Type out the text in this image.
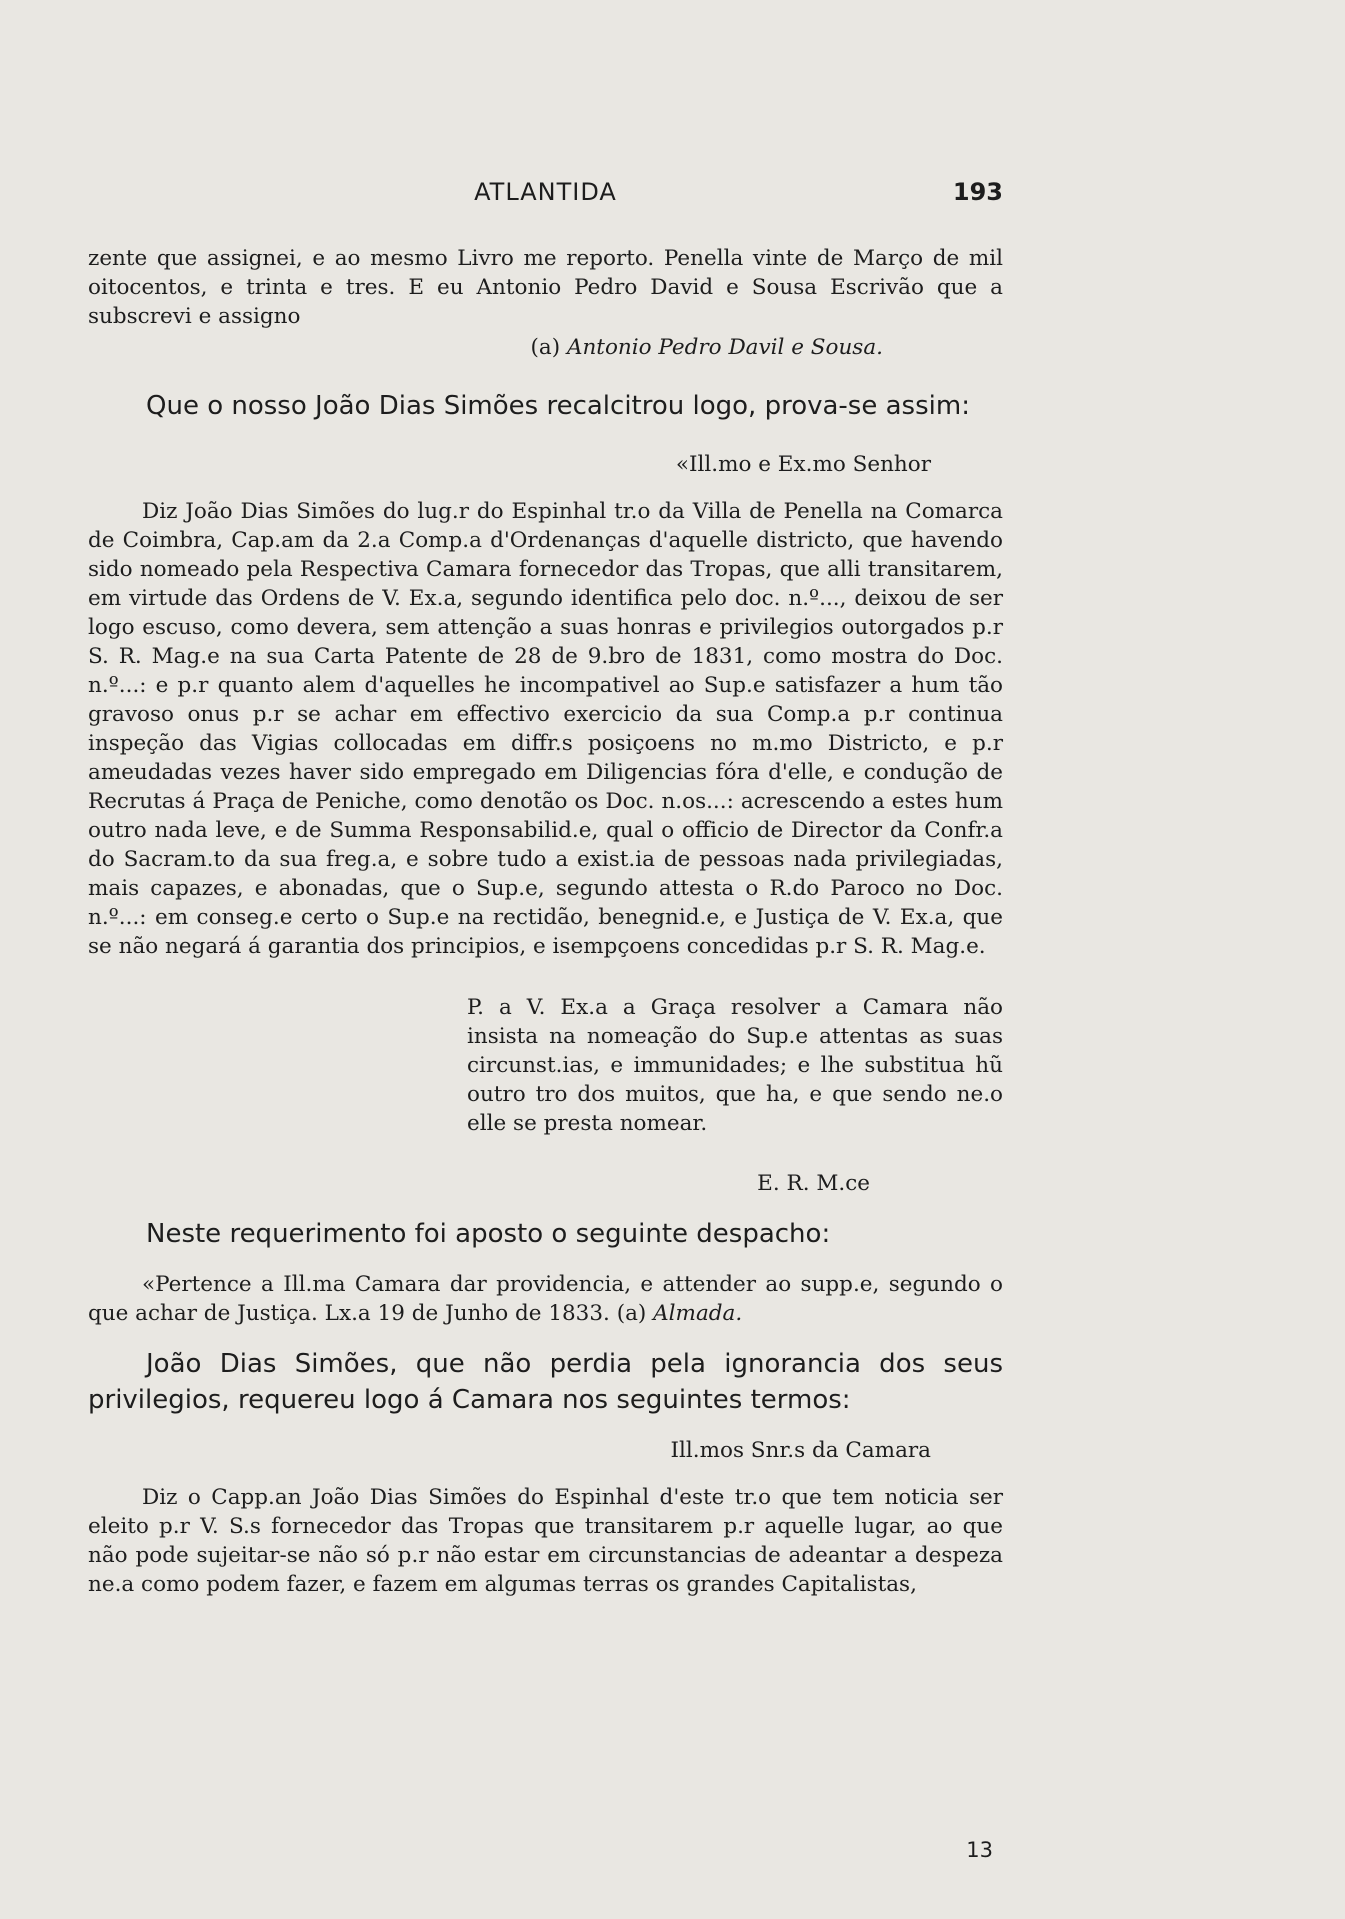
ATLANTIDA	193

zente que assignei, e ao mesmo Livro me reporto. Penella vinte de Março de mil oitocentos, e trinta e tres. E eu Antonio Pedro David e Sousa Escrivão que a subscrevi e assigno

(a) Antonio Pedro Davil e Sousa.

Que o nosso João Dias Simões recalcitrou logo, prova-se assim:

«Ill.mo e Ex.mo Senhor

Diz João Dias Simões do lug.r do Espinhal tr.o da Villa de Penella na Comarca de Coimbra, Cap.am da 2.a Comp.a d'Ordenanças d'aquelle districto, que havendo sido nomeado pela Respectiva Camara fornecedor das Tropas, que alli transitarem, em virtude das Ordens de V. Ex.a, segundo identifica pelo doc. n.º..., deixou de ser logo escuso, como devera, sem attenção a suas honras e privilegios outorgados p.r S. R. Mag.e na sua Carta Patente de 28 de 9.bro de 1831, como mostra do Doc. n.º...: e p.r quanto alem d'aquelles he incompativel ao Sup.e satisfazer a hum tão gravoso onus p.r se achar em effectivo exercicio da sua Comp.a p.r continua inspeção das Vigias collocadas em diffr.s posiçoens no m.mo Districto, e p.r ameudadas vezes haver sido empregado em Diligencias fóra d'elle, e condução de Recrutas á Praça de Peniche, como denotão os Doc. n.os...: acrescendo a estes hum outro nada leve, e de Summa Responsabilid.e, qual o officio de Director da Confr.a do Sacram.to da sua freg.a, e sobre tudo a exist.ia de pessoas nada privilegiadas, mais capazes, e abonadas, que o Sup.e, segundo attesta o R.do Paroco no Doc. n.º...: em conseg.e certo o Sup.e na rectidão, benegnid.e, e Justiça de V. Ex.a, que se não negará á garantia dos principios, e isempçoens concedidas p.r S. R. Mag.e.

P. a V. Ex.a a Graça resolver a Camara não insista na nomeação do Sup.e attentas as suas circunst.ias, e immunidades; e lhe substitua hũ outro tro dos muitos, que ha, e que sendo ne.o elle se presta nomear.

E. R. M.ce

Neste requerimento foi aposto o seguinte despacho:

«Pertence a Ill.ma Camara dar providencia, e attender ao supp.e, segundo o que achar de Justiça. Lx.a 19 de Junho de 1833. (a) Almada.

João Dias Simões, que não perdia pela ignorancia dos seus privilegios, requereu logo á Camara nos seguintes termos:

Ill.mos Snr.s da Camara

Diz o Capp.an João Dias Simões do Espinhal d'este tr.o que tem noticia ser eleito p.r V. S.s fornecedor das Tropas que transitarem p.r aquelle lugar, ao que não pode sujeitar-se não só p.r não estar em circunstancias de adeantar a despeza ne.a como podem fazer, e fazem em algumas terras os grandes Capitalistas,

13
